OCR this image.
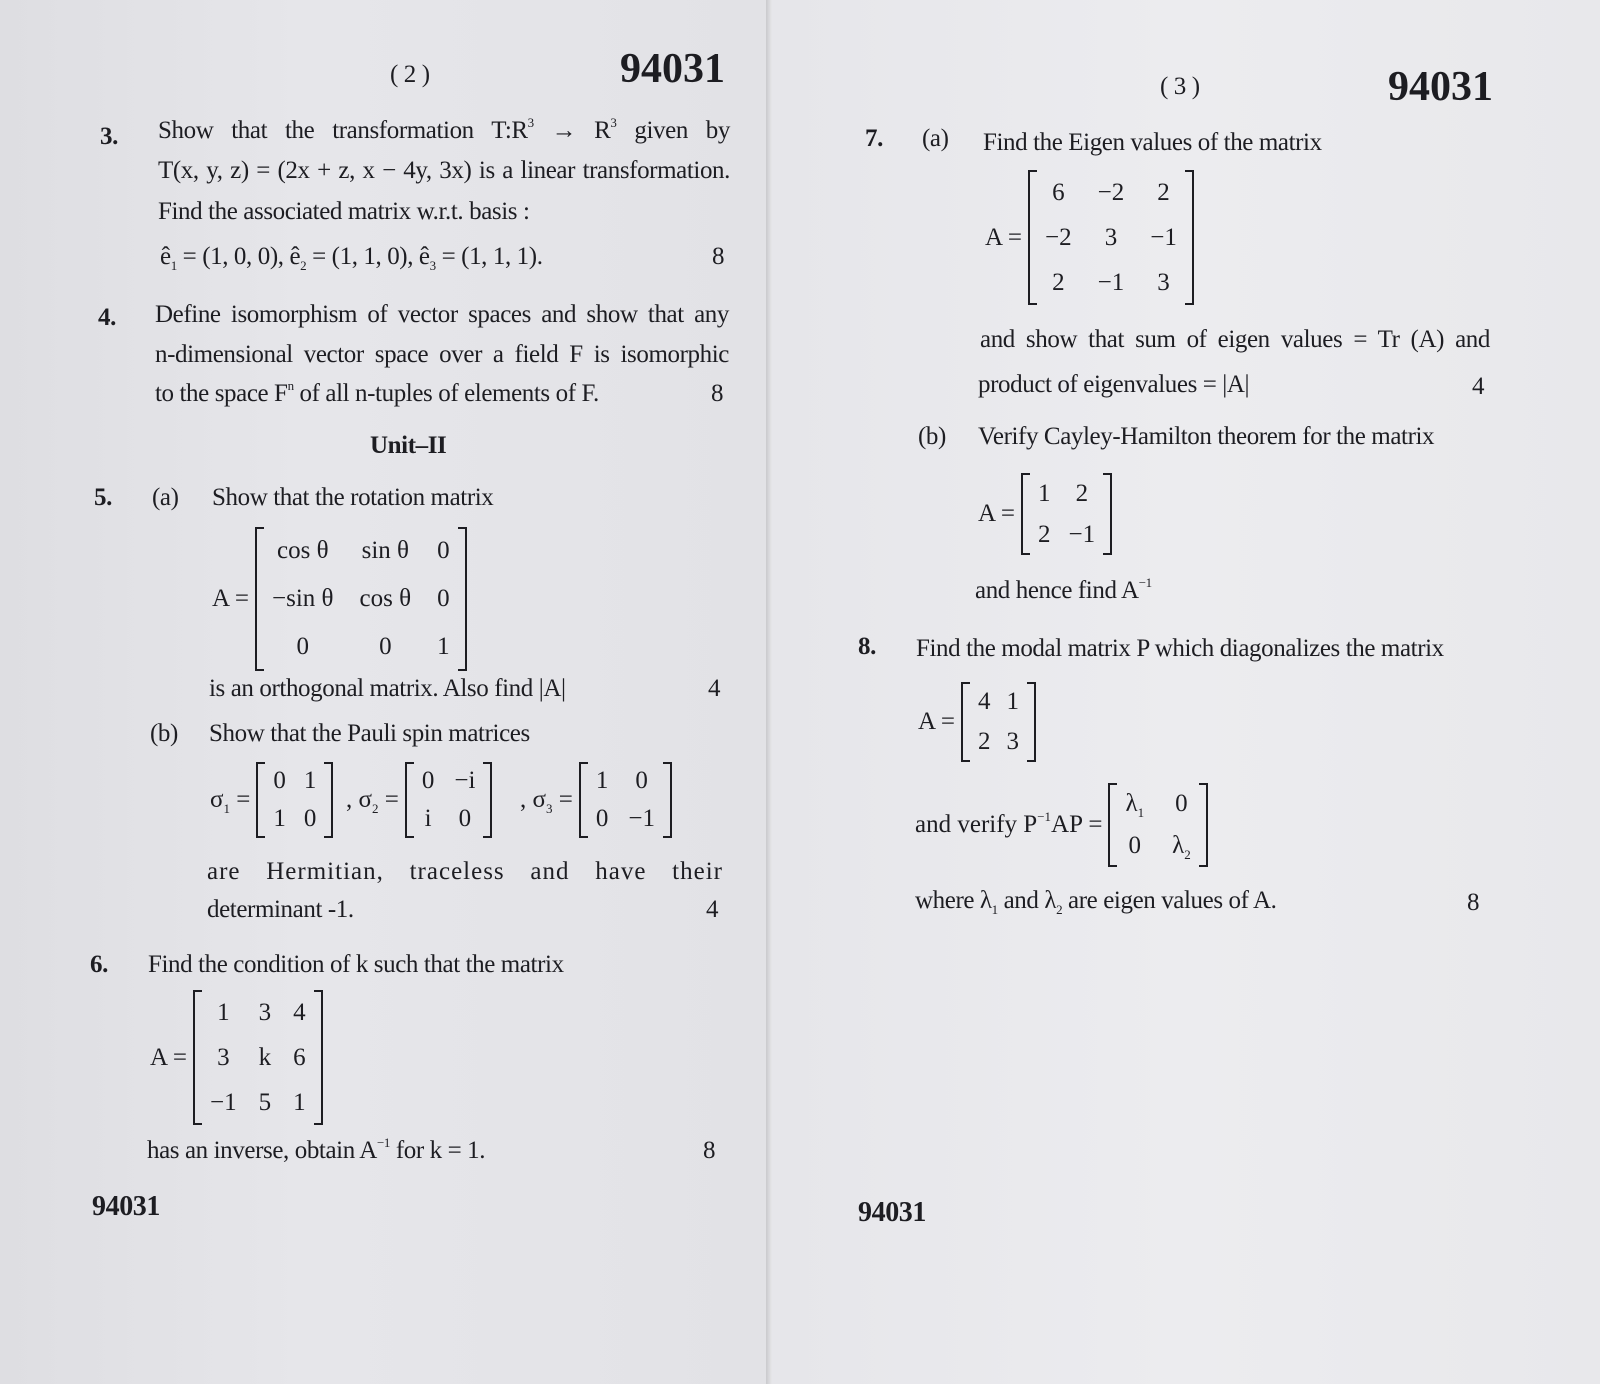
( 2 )	94031
3. Show that the transformation $T:R^3 \to R^3$ given by
T(x, y, z) = (2x + z, x − 4y, 3x) is a linear transformation.
Find the associated matrix w.r.t. basis :
$ê_1 = (1$, 0, 0), $ê_2 = (1$, 1, 0), $ê_3 = (1$, 1, 1).	8
4. Define isomorphism of vector spaces and show that any
n-dimensional vector space over a field F is isomorphic
to the space $F^n$ of all n-tuples of elements of F.	8
Unit–II
5. (a) Show that the rotation matrix
A =
cos θ sin θ 0
−sin θ cos θ 0
0	0 1
is an orthogonal matrix. Also find |A|	4
(b) Show that the Pauli spin matrices
$\sigma_1$ =
0 1
1 0
, $\sigma_2$ =
0 −i
i 0
, $\sigma_3$ =
1 0
0 −1
are Hermitian, traceless and have their
determinant -1.	4
6. Find the condition of k such that the matrix
A =
1 3 4
3 k 6
−1 5 1
has an inverse, obtain $A^{-1}$ for k = 1.	8
94031
( 3 )	94031
7. (a) Find the Eigen values of the matrix
A =
6 −2 2
−2 3 −1
2 −1 3
and show that sum of eigen values = Tr (A) and
product of eigenvalues = |A|	4
(b) Verify Cayley-Hamilton theorem for the matrix
A =
1 2
2 −1
and hence find $A^{-1}$
8. Find the modal matrix P which diagonalizes the matrix
A =
4 1
2 3
and verify $P^{-1}AP$ =
$\lambda_1$ 0
0 $\lambda_2$
where $\lambda_1$ and $\lambda_2$ are eigen values of A.	8
94031
